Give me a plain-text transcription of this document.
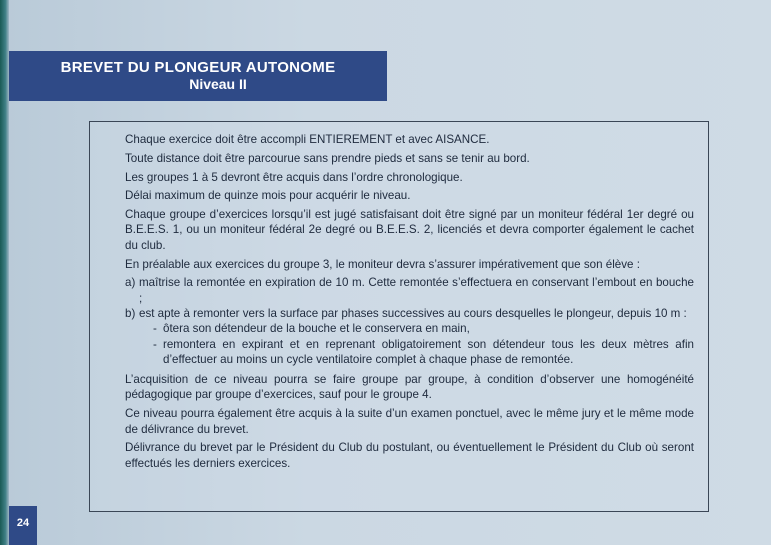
BREVET DU PLONGEUR AUTONOME
Niveau II

Chaque exercice doit être accompli ENTIEREMENT et avec AISANCE.

Toute distance doit être parcourue sans prendre pieds et sans se tenir au bord.

Les groupes 1 à 5 devront être acquis dans l’ordre chronologique.

Délai maximum de quinze mois pour acquérir le niveau.

Chaque groupe d’exercices lorsqu’il est jugé satisfaisant doit être signé par un moniteur fédéral 1er degré ou B.E.E.S. 1, ou un moniteur fédéral 2e degré ou B.E.E.S. 2, licenciés et devra comporter également le cachet du club.

En préalable aux exercices du groupe 3, le moniteur devra s’assurer impérativement que son élève :

a) maîtrise la remontée en expiration de 10 m. Cette remontée s’effectuera en conservant l’embout en bouche ;
b) est apte à remonter vers la surface par phases successives au cours desquelles le plongeur, depuis 10 m :
- ôtera son détendeur de la bouche et le conservera en main,
- remontera en expirant et en reprenant obligatoirement son détendeur tous les deux mètres afin d’effectuer au moins un cycle ventilatoire complet à chaque phase de remontée.

L’acquisition de ce niveau pourra se faire groupe par groupe, à condition d’observer une homogénéité pédagogique par groupe d’exercices, sauf pour le groupe 4.

Ce niveau pourra également être acquis à la suite d’un examen ponctuel, avec le même jury et le même mode de délivrance du brevet.

Délivrance du brevet par le Président du Club du postulant, ou éventuellement le Président du Club où seront effectués les derniers exercices.

24
